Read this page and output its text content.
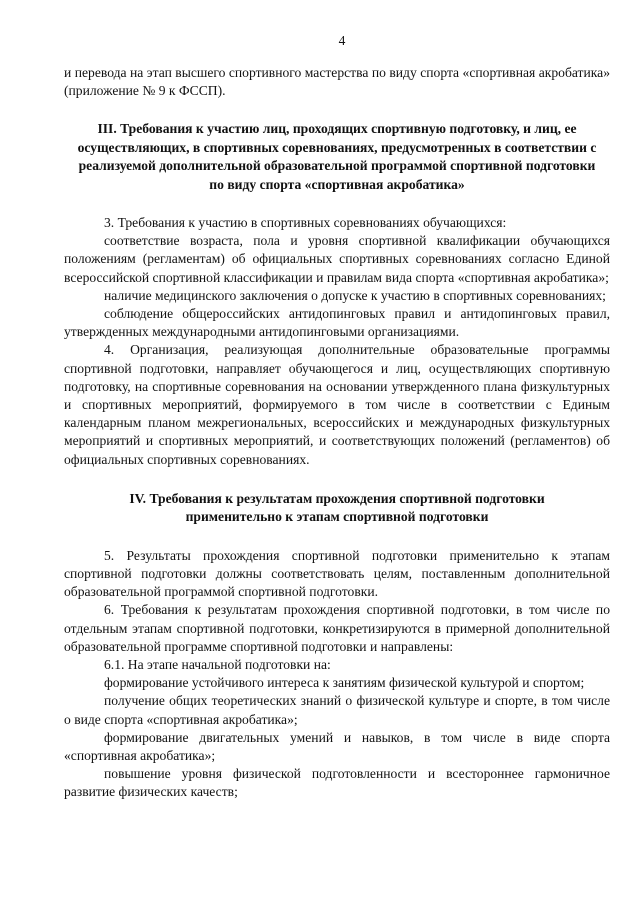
4

и перевода на этап высшего спортивного мастерства по виду спорта «спортивная акробатика» (приложение № 9 к ФССП).

III. Требования к участию лиц, проходящих спортивную подготовку, и лиц, ее осуществляющих, в спортивных соревнованиях, предусмотренных в соответствии с реализуемой дополнительной образовательной программой спортивной подготовки по виду спорта «спортивная акробатика»

3. Требования к участию в спортивных соревнованиях обучающихся:

соответствие возраста, пола и уровня спортивной квалификации обучающихся положениям (регламентам) об официальных спортивных соревнованиях согласно Единой всероссийской спортивной классификации и правилам вида спорта «спортивная акробатика»;

наличие медицинского заключения о допуске к участию в спортивных соревнованиях;

соблюдение общероссийских антидопинговых правил и антидопинговых правил, утвержденных международными антидопинговыми организациями.

4. Организация, реализующая дополнительные образовательные программы спортивной подготовки, направляет обучающегося и лиц, осуществляющих спортивную подготовку, на спортивные соревнования на основании утвержденного плана физкультурных и спортивных мероприятий, формируемого в том числе в соответствии с Единым календарным планом межрегиональных, всероссийских и международных физкультурных мероприятий и спортивных мероприятий, и соответствующих положений (регламентов) об официальных спортивных соревнованиях.

IV. Требования к результатам прохождения спортивной подготовки применительно к этапам спортивной подготовки

5. Результаты прохождения спортивной подготовки применительно к этапам спортивной подготовки должны соответствовать целям, поставленным дополнительной образовательной программой спортивной подготовки.

6. Требования к результатам прохождения спортивной подготовки, в том числе по отдельным этапам спортивной подготовки, конкретизируются в примерной дополнительной образовательной программе спортивной подготовки и направлены:

6.1. На этапе начальной подготовки на:

формирование устойчивого интереса к занятиям физической культурой и спортом;

получение общих теоретических знаний о физической культуре и спорте, в том числе о виде спорта «спортивная акробатика»;

формирование двигательных умений и навыков, в том числе в виде спорта «спортивная акробатика»;

повышение уровня физической подготовленности и всестороннее гармоничное развитие физических качеств;
